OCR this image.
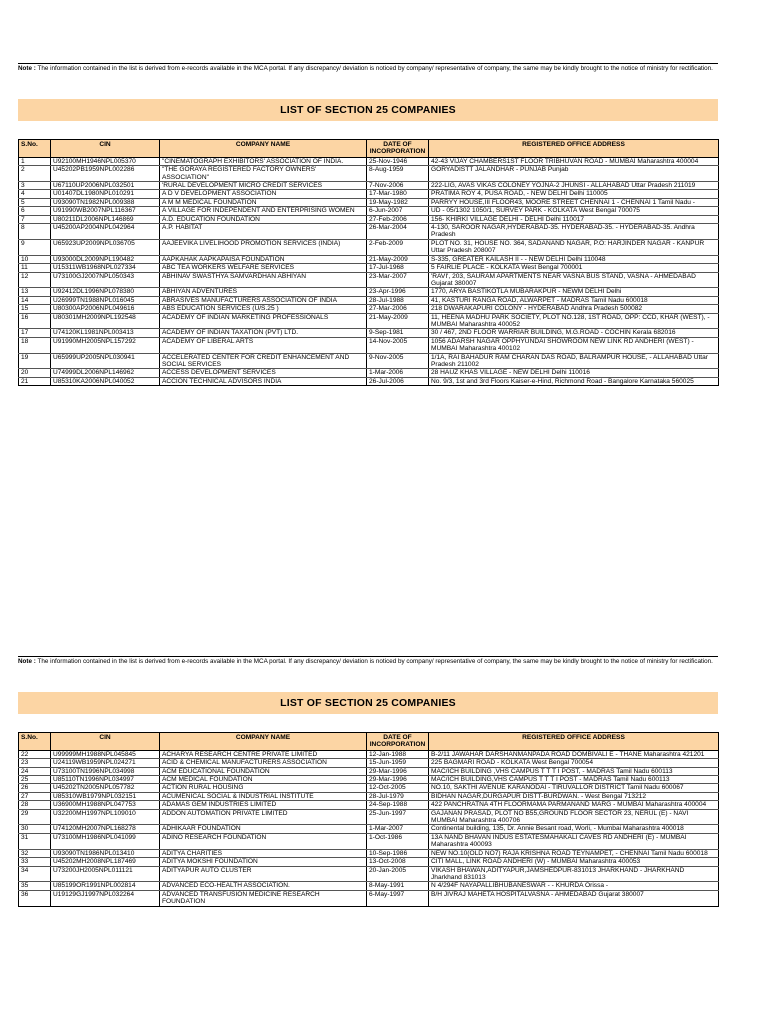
Note : The information contained in the list is derived from e-records available in the MCA portal. If any discrepancy/ deviation is noticed by company/ representative of company, the same may be kindly brought to the notice of ministry for rectification.
LIST OF SECTION 25 COMPANIES
S.No.	CIN	COMPANY NAME	DATE OF INCORPORATION	REGISTERED OFFICE ADDRESS
1	U92100MH1946NPL005370	"CINEMATOGRAPH EXHIBITORS' ASSOCIATION OF INDIA.	25-Nov-1946	42-43 VIJAY CHAMBERS1ST FLOOR TRIBHUVAN ROAD - MUMBAI Maharashtra 400004
2	U45202PB1959NPL002286	"THE GORAYA REGISTERED FACTORY OWNERS' ASSOCIATION"	8-Aug-1959	GORYADISTT JALANDHAR - PUNJAB Punjab
3	U67110UP2006NPL032501	'RURAL DEVELOPMENT MICRO CREDIT SERVICES	7-Nov-2006	222-LIG, AVAS VIKAS COLONEY YOJNA-2 JHUNSI - ALLAHABAD Uttar Pradesh 211019
4	U01407DL1980NPL010291	A D V DEVELOPMENT ASSOCIATION	17-Mar-1980	PRATIMA ROY 4, PUSA ROAD, - NEW DELHI Delhi 110005
5	U93090TN1982NPL009388	A M M MEDICAL FOUNDATION	19-May-1982	PARRYY HOUSE,III FLOOR43, MOORE STREET CHENNAI 1 - CHENNAI 1 Tamil Nadu -
6	U91990WB2007NPL116367	A VILLAGE FOR INDEPENDENT AND ENTERPRISING WOMEN	6-Jun-2007	UD - 05/1302 1050/1, SURVEY PARK - KOLKATA West Bengal 700075
7	U80211DL2006NPL146869	A.D. EDUCATION FOUNDATION	27-Feb-2006	156- KHIRKI VILLAGE DELHI - DELHI Delhi 110017
8	U45200AP2004NPL042964	A.P. HABITAT	26-Mar-2004	4-130, SAROOR NAGAR,HYDERABAD-35. HYDERABAD-35. - HYDERABAD-35. Andhra Pradesh
9	U65923UP2009NPL036705	AAJEEVIKA LIVELIHOOD PROMOTION SERVICES (INDIA)	2-Feb-2009	PLOT NO. 31, HOUSE NO. 364, SADANAND NAGAR, P.O: HARJINDER NAGAR - KANPUR Uttar Pradesh 208007
10	U93000DL2009NPL190482	AAPKAHAK AAPKAPAISA FOUNDATION	21-May-2009	S-335, GREATER KAILASH II - - NEW DELHI Delhi 110048
11	U15311WB1968NPL027334	ABC TEA WORKERS WELFARE SERVICES	17-Jul-1968	5 FAIRLIE PLACE - KOLKATA West Bengal 700001
12	U73100GJ2007NPL050343	ABHINAV SWASTHYA SAMVARDHAN ABHIYAN	23-Mar-2007	'RAVI', 203, SAURAM APARTMENTS NEAR VASNA BUS STAND, VASNA - AHMEDABAD Gujarat 380007
13	U92412DL1996NPL078380	ABHIYAN ADVENTURES	23-Apr-1996	1770, ARYA BASTIKOTLA MUBARAKPUR - NEWM DELHI Delhi
14	U26999TN1988NPL016045	ABRASIVES MANUFACTURERS ASSOCIATION OF INDIA	28-Jul-1988	41, KASTURI RANGA ROAD, ALWARPET - MADRAS Tamil Nadu 600018
15	U80300AP2006NPL049616	ABS EDUCATION SERVICES (U/S.25 )	27-Mar-2006	218 DWARAKAPURI COLONY - HYDERABAD Andhra Pradesh 500082
16	U80301MH2009NPL192548	ACADEMY OF INDIAN MARKETING PROFESSIONALS	21-May-2009	11, HEENA MADHU PARK SOCIETY, PLOT NO.128, 1ST ROAD, OPP: CCD, KHAR (WEST), - MUMBAI Maharashtra 400052
17	U74120KL1981NPL003413	ACADEMY OF INDIAN TAXATION (PVT) LTD.	9-Sep-1981	30 / 467, 2ND FLOOR WARRIAR BUILDING, M.G.ROAD - COCHIN Kerala 682016
18	U91990MH2005NPL157292	ACADEMY OF LIBERAL ARTS	14-Nov-2005	1056 ADARSH NAGAR OPPHYUNDAI SHOWROOM NEW LINK RD ANDHERI (WEST) - MUMBAI Maharashtra 400102
19	U65999UP2005NPL030941	ACCELERATED CENTER FOR CREDIT ENHANCEMENT AND SOCIAL SERVICES	9-Nov-2005	1/1A, RAI BAHADUR RAM CHARAN DAS ROAD, BALRAMPUR HOUSE, - ALLAHABAD Uttar Pradesh 211002
20	U74999DL2006NPL146962	ACCESS DEVELOPMENT SERVICES	1-Mar-2006	28 HAUZ KHAS VILLAGE - NEW DELHI Delhi 110016
21	U85310KA2006NPL040052	ACCION TECHNICAL ADVISORS INDIA	26-Jul-2006	No. 9/3, 1st and 3rd Floors Kaiser-e-Hind, Richmond Road - Bangalore Karnataka 560025
Note : The information contained in the list is derived from e-records available in the MCA portal. If any discrepancy/ deviation is noticed by company/ representative of company, the same may be kindly brought to the notice of ministry for rectification.
LIST OF SECTION 25 COMPANIES
S.No.	CIN	COMPANY NAME	DATE OF INCORPORATION	REGISTERED OFFICE ADDRESS
22	U99999MH1988NPL045845	ACHARYA RESEARCH CENTRE PRIVATE LIMITED	12-Jan-1988	B-2/11 JAWAHAR DARSHANMANPADA ROAD DOMBIVALI E - THANE Maharashtra 421201
23	U24119WB1959NPL024271	ACID & CHEMICAL MANUFACTURERS ASSOCIATION	15-Jun-1959	225 BAGMARI ROAD - KOLKATA West Bengal 700054
24	U73100TN1996NPL034998	ACM EDUCATIONAL FOUNDATION	29-Mar-1996	MAC/ICH BUILDING ,VHS CAMPUS T T T I POST, - MADRAS Tamil Nadu 600113
25	U85110TN1996NPL034997	ACM MEDICAL FOUNDATION	29-Mar-1996	MAC/ICH BUILDING,VHS CAMPUS T T T I POST - MADRAS Tamil Nadu 600113
26	U45202TN2005NPL057782	ACTION RURAL HOUSING	12-Oct-2005	NO.10, SAKTHI AVENUE KARANODAI - TIRUVALLOR DISTRICT Tamil Nadu 600067
27	U85310WB1979NPL032151	ACUMENICAL SOCIAL & INDUSTRIAL INSTITUTE	28-Jul-1979	BIDHAN NAGAR,DURGAPUR DISTT-BURDWAN. - West Bengal 713212
28	U36900MH1988NPL047753	ADAMAS GEM INDUSTRIES LIMITED	24-Sep-1988	422 PANCHRATNA 4TH FLOORMAMA PARMANAND MARG - MUMBAI Maharashtra 400004
29	U32200MH1997NPL109010	ADDON AUTOMATION PRIVATE LIMITED	25-Jun-1997	GAJANAN PRASAD, PLOT NO B55,GROUND FLOOR SECTOR 23, NERUL (E) - NAVI MUMBAI Maharashtra 400706
30	U74120MH2007NPL168278	ADHIKAAR FOUNDATION	1-Mar-2007	Continental building, 135, Dr. Annie Besant road, Worli, - Mumbai Maharashtra 400018
31	U73100MH1986NPL041099	ADINO RESEARCH FOUNDATION	1-Oct-1986	13A NAND BHAVAN INDUS ESTATESMAHAKALI CAVES RD ANDHERI (E) - MUMBAI Maharashtra 400093
32	U93090TN1986NPL013410	ADITYA CHARITIES	10-Sep-1986	NEW NO.10(OLD NO7) RAJA KRISHNA ROAD TEYNAMPET, - CHENNAI Tamil Nadu 600018
33	U45202MH2008NPL187469	ADITYA MOKSHI FOUNDATION	13-Oct-2008	CITI MALL, LINK ROAD ANDHERI (W) - MUMBAI Maharashtra 400053
34	U73200JH2005NPL011121	ADITYAPUR AUTO CLUSTER	20-Jan-2005	VIKASH BHAWAN,ADITYAPUR,JAMSHEDPUR-831013 JHARKHAND - JHARKHAND Jharkhand 831013
35	U85199OR1991NPL002814	ADVANCED ECO-HEALTH ASSOCIATION.	8-May-1991	N 4/294F NAYAPALLIBHUBANESWAR - - KHURDA Orissa -
36	U19129GJ1997NPL032264	ADVANCED TRANSFUSION MEDICINE RESEARCH FOUNDATION	6-May-1997	B/H JIVRAJ MAHETA HOSPITALVASNA - AHMEDABAD Gujarat 380007
